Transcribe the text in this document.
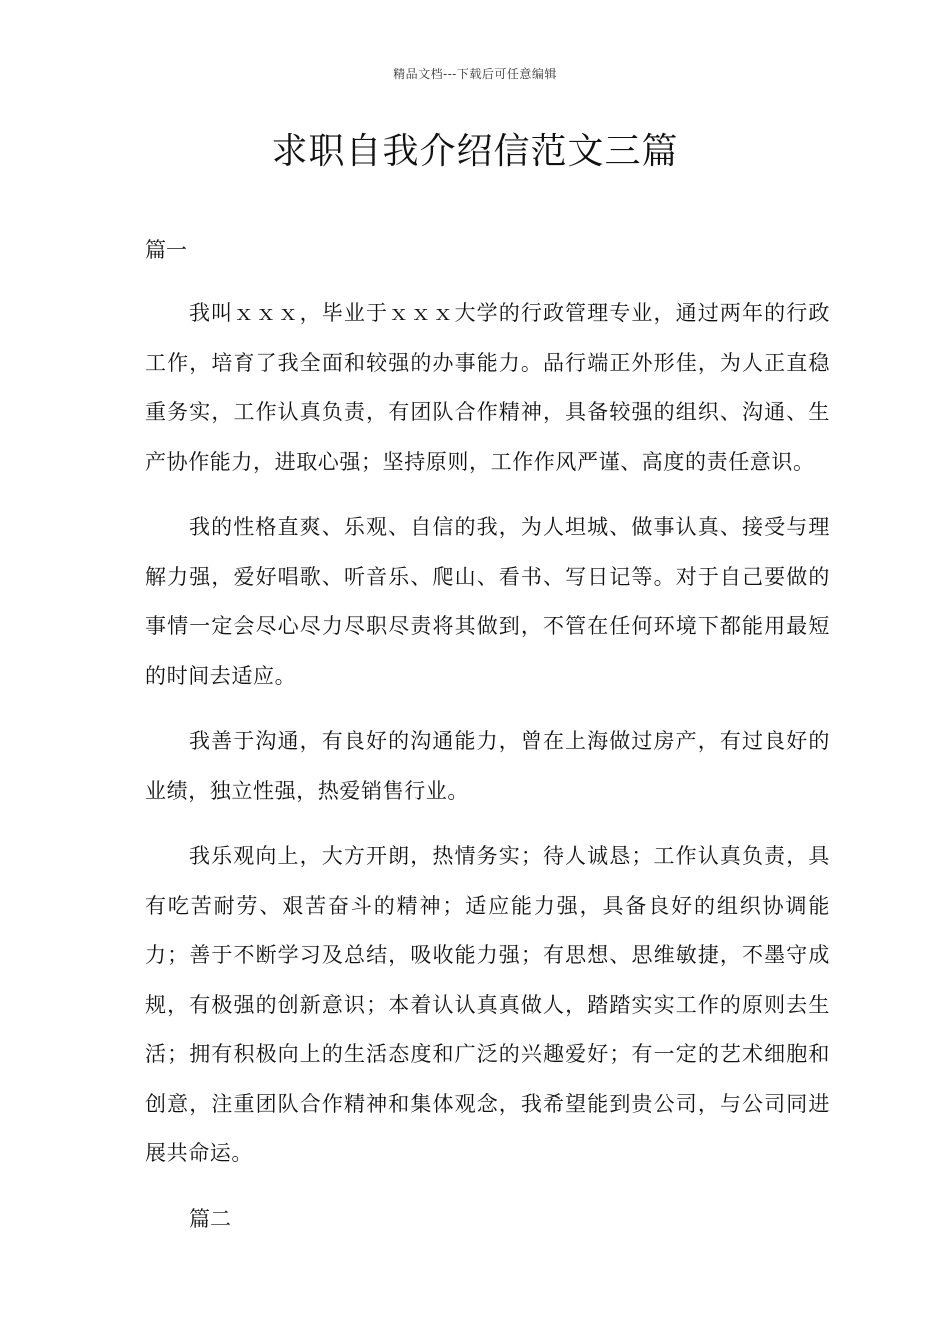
精品文档---下载后可任意编辑
求职自我介绍信范文三篇

篇一

我叫ｘｘｘ，毕业于ｘｘｘ大学的行政管理专业，通过两年的行政工作，培育了我全面和较强的办事能力。品行端正外形佳，为人正直稳重务实，工作认真负责，有团队合作精神，具备较强的组织、沟通、生产协作能力，进取心强；坚持原则，工作作风严谨、高度的责任意识。

我的性格直爽、乐观、自信的我，为人坦城、做事认真、接受与理解力强，爱好唱歌、听音乐、爬山、看书、写日记等。对于自己要做的事情一定会尽心尽力尽职尽责将其做到，不管在任何环境下都能用最短的时间去适应。

我善于沟通，有良好的沟通能力，曾在上海做过房产，有过良好的业绩，独立性强，热爱销售行业。

我乐观向上，大方开朗，热情务实；待人诚恳；工作认真负责，具有吃苦耐劳、艰苦奋斗的精神；适应能力强，具备良好的组织协调能力；善于不断学习及总结，吸收能力强；有思想、思维敏捷，不墨守成规，有极强的创新意识；本着认认真真做人，踏踏实实工作的原则去生活；拥有积极向上的生活态度和广泛的兴趣爱好；有一定的艺术细胞和创意，注重团队合作精神和集体观念，我希望能到贵公司，与公司同进展共命运。

篇二
